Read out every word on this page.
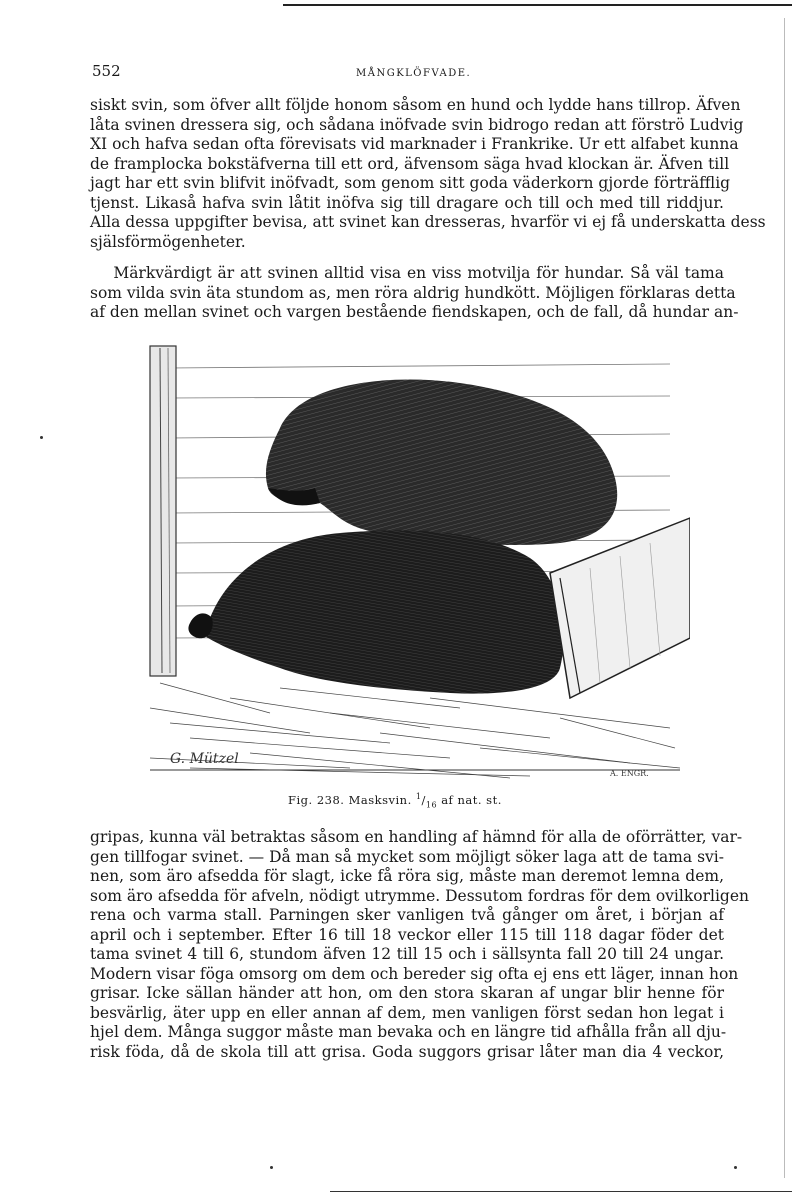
552	MÅNGKLÖFVADE.
siskt svin, som öfver allt följde honom såsom en hund och lydde hans tillrop. Äfven
låta svinen dressera sig, och sådana inöfvade svin bidrogo redan att förströ Ludvig
XI och hafva sedan ofta förevisats vid marknader i Frankrike. Ur ett alfabet kunna
de framplocka bokstäfverna till ett ord, äfvensom säga hvad klockan är. Äfven till
jagt har ett svin blifvit inöfvadt, som genom sitt goda väderkorn gjorde förträfflig
tjenst. Likaså hafva svin låtit inöfva sig till dragare och till och med till riddjur.
Alla dessa uppgifter bevisa, att svinet kan dresseras, hvarför vi ej få underskatta dess
själsförmögenheter.
Märkvärdigt är att svinen alltid visa en viss motvilja för hundar. Så väl tama
som vilda svin äta stundom as, men röra aldrig hundkött. Möjligen förklaras detta
af den mellan svinet och vargen bestående fiendskapen, och de fall, då hundar an-
G. Mützel
A. ENGR.
Fig. 238. Masksvin. $^1/_{16}$ af nat. st.
gripas, kunna väl betraktas såsom en handling af hämnd för alla de oförrätter, var-
gen tillfogar svinet. — Då man så mycket som möjligt söker laga att de tama svi-
nen, som äro afsedda för slagt, icke få röra sig, måste man deremot lemna dem,
som äro afsedda för afveln, nödigt utrymme. Dessutom fordras för dem ovilkorligen
rena och varma stall. Parningen sker vanligen två gånger om året, i början af
april och i september. Efter 16 till 18 veckor eller 115 till 118 dagar föder det
tama svinet 4 till 6, stundom äfven 12 till 15 och i sällsynta fall 20 till 24 ungar.
Modern visar föga omsorg om dem och bereder sig ofta ej ens ett läger, innan hon
grisar. Icke sällan händer att hon, om den stora skaran af ungar blir henne för
besvärlig, äter upp en eller annan af dem, men vanligen först sedan hon legat i
hjel dem. Många suggor måste man bevaka och en längre tid afhålla från all dju-
risk föda, då de skola till att grisa. Goda suggors grisar låter man dia 4 veckor,
